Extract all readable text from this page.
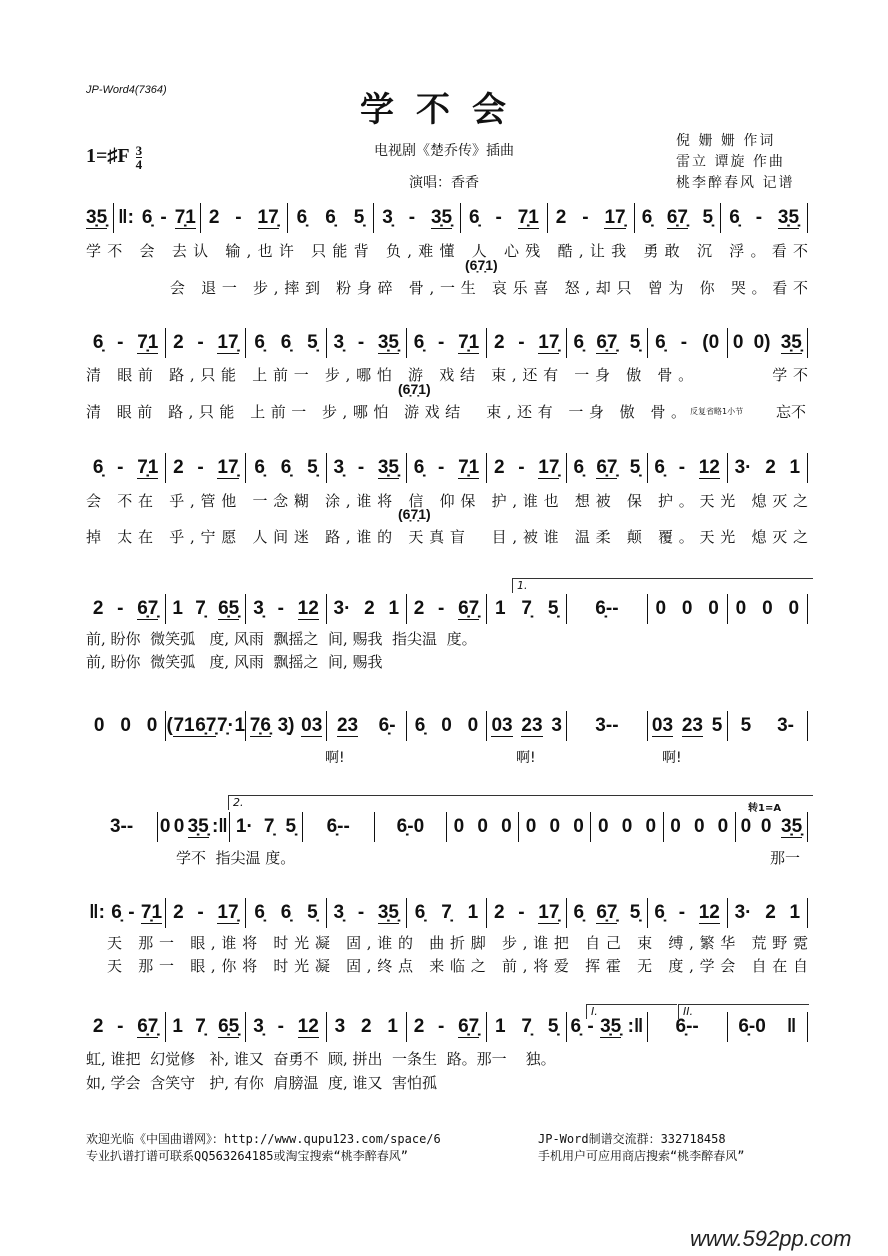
JP-Word4(7364)	学不会
1=♯F $\frac{3}{4}$	电视剧《楚乔传》插曲
演唱：香香
倪 姗 姗 作词
雷立 谭旋 作曲
桃李醉春风 记谱
3̣5̣ ‖: 6̣ - 7̣1 2 - 17̣ 6̣ 6̣ 5̣ 3̣ - 3̣5̣ 6̣ - 7̣1 2 - 17̣ 6̣ 6̣7̣ 5̣ 6̣ - 3̣5̣
学不 会 去认 输,也许 只能背 负,难懂 人 心残 酷,让我 勇敢 沉 浮。看不
(6̣7̣1)
会 退一 步,摔到 粉身碎 骨,一生 哀乐喜 怒,却只 曾为 你 哭。看不
6̣ - 7̣1 2 - 17̣ 6̣ 6̣ 5̣ 3̣ - 3̣5̣ 6̣ - 7̣1 2 - 17̣ 6̣ 6̣7̣ 5̣ 6̣ - (0 0 0) 3̣5̣
清 眼前 路,只能 上前一 步,哪怕 游 戏结 束,还有 一身 傲 骨。       学不
(6̣7̣1)
清 眼前 路,只能 上前一 步,哪怕 游戏结  束,还有 一身 傲 骨。 反复省略1小节 忘不
6̣ - 7̣1 2 - 17̣ 6̣ 6̣ 5̣ 3̣ - 3̣5̣ 6̣ - 7̣1 2 - 17̣ 6̣ 6̣7̣ 5̣ 6̣ - 12 3· 2 1
会 不在 乎,管他 一念糊 涂,谁将 信 仰保 护,谁也 想被 保 护。天光 熄灭之
(6̣7̣1)
掉 太在 乎,宁愿 人间迷 路,谁的 天真盲  目,被谁 温柔 颠 覆。天光 熄灭之
1.
2 - 6̣7̣ 1 7̣ 6̣5̣ 3̣ - 12 3· 2 1 2 - 6̣7̣ 1 7̣ 5̣ 6̣-- 0 0 0 0 0 0
前, 盼你  微笑弧   度, 风雨  飘摇之  间, 赐我  指尖温  度。
前, 盼你  微笑弧   度, 风雨  飘摇之  间, 赐我
0 0 0 ( 71 6̣7̣ 7̣· 1 7̣6̣ 3̣) 03 23 6̣- 6̣ 0 0 03 23 3 3-- 03 23 5 5 3-
啊!	啊!	啊!
2.	转1=A
3-- 0 0 3̣5̣ :‖ 1· 7̣ 5̣ 6̣-- 6̣-0 0 0 0 0 0 0 0 0 0 0 0 0 0 0 3̣5̣
学不  指尖温 度。	那一
‖: 6̣ - 7̣1 2 - 17̣ 6̣ 6̣ 5̣ 3̣ - 3̣5̣ 6̣ 7̣ 1 2 - 17̣ 6̣ 6̣7̣ 5̣ 6̣ - 12 3· 2 1
天 那一 眼,谁将 时光凝 固,谁的 曲折脚 步,谁把 自己 束 缚,繁华 荒野霓
天 那一 眼,你将 时光凝 固,终点 来临之 前,将爱 挥霍 无 度,学会 自在自
I.	II.
2 - 6̣7̣ 1 7̣ 6̣5̣ 3̣ - 12 3 2 1 2 - 6̣7̣ 1 7̣ 5̣ 6̣ - 3̣5̣ :‖ 6̣-- 6̣-0 ‖
虹, 谁把  幻觉修   补, 谁又  奋勇不  顾, 拼出  一条生  路。那一    独。
如, 学会  含笑守   护, 有你  肩膀温  度, 谁又  害怕孤
欢迎光临《中国曲谱网》：http://www.qupu123.com/space/6
专业扒谱打谱可联系QQ563264185或淘宝搜索“桃李醉春风”
JP-Word制谱交流群：332718458
手机用户可应用商店搜索“桃李醉春风”
www.592pp.com
